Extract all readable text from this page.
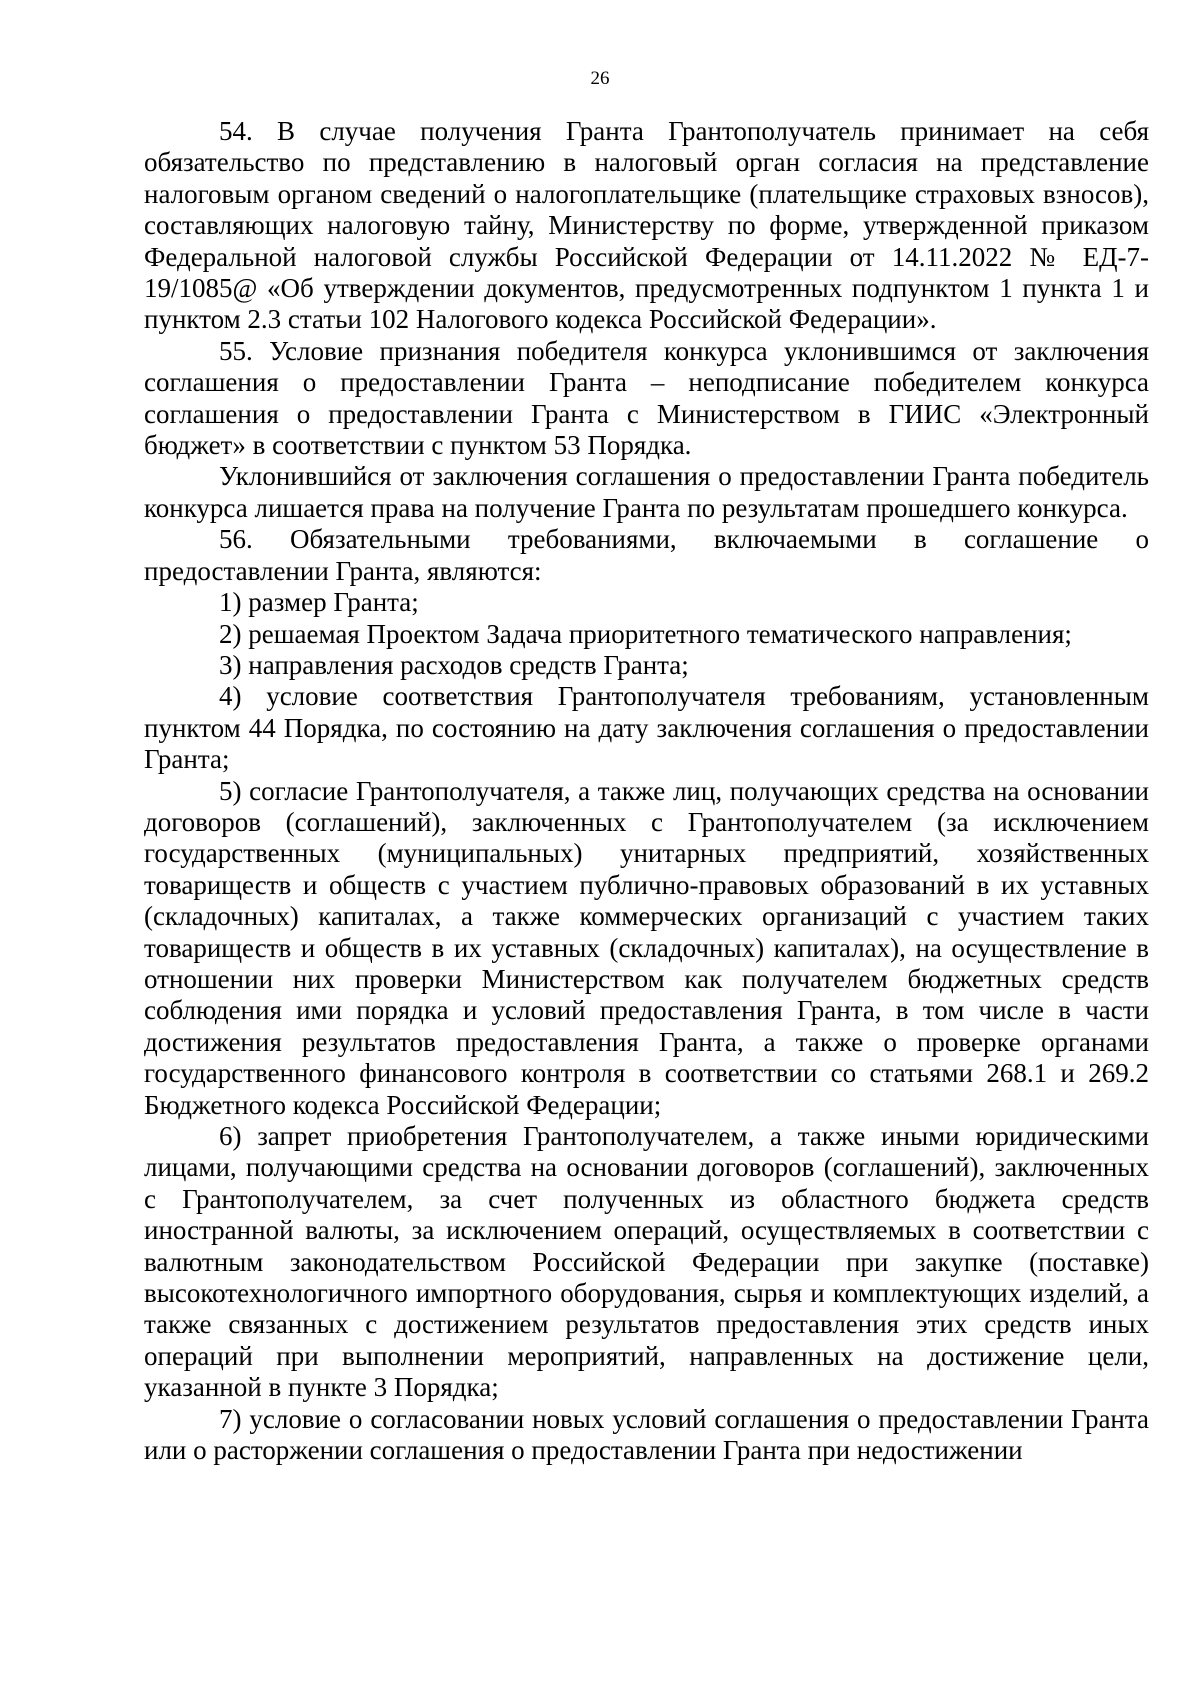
26

54. В случае получения Гранта Грантополучатель принимает на себя обязательство по представлению в налоговый орган согласия на представление налоговым органом сведений о налогоплательщике (плательщике страховых взносов), составляющих налоговую тайну, Министерству по форме, утвержденной приказом Федеральной налоговой службы Российской Федерации от 14.11.2022 № ЕД-7-19/1085@ «Об утверждении документов, предусмотренных подпунктом 1 пункта 1 и пунктом 2.3 статьи 102 Налогового кодекса Российской Федерации».

55. Условие признания победителя конкурса уклонившимся от заключения соглашения о предоставлении Гранта – неподписание победителем конкурса соглашения о предоставлении Гранта с Министерством в ГИИС «Электронный бюджет» в соответствии с пунктом 53 Порядка.

Уклонившийся от заключения соглашения о предоставлении Гранта победитель конкурса лишается права на получение Гранта по результатам прошедшего конкурса.

56. Обязательными требованиями, включаемыми в соглашение о предоставлении Гранта, являются:

1) размер Гранта;

2) решаемая Проектом Задача приоритетного тематического направления;

3) направления расходов средств Гранта;

4) условие соответствия Грантополучателя требованиям, установленным пунктом 44 Порядка, по состоянию на дату заключения соглашения о предоставлении Гранта;

5) согласие Грантополучателя, а также лиц, получающих средства на основании договоров (соглашений), заключенных с Грантополучателем (за исключением государственных (муниципальных) унитарных предприятий, хозяйственных товариществ и обществ с участием публично-правовых образований в их уставных (складочных) капиталах, а также коммерческих организаций с участием таких товариществ и обществ в их уставных (складочных) капиталах), на осуществление в отношении них проверки Министерством как получателем бюджетных средств соблюдения ими порядка и условий предоставления Гранта, в том числе в части достижения результатов предоставления Гранта, а также о проверке органами государственного финансового контроля в соответствии со статьями 268.1 и 269.2 Бюджетного кодекса Российской Федерации;

6) запрет приобретения Грантополучателем, а также иными юридическими лицами, получающими средства на основании договоров (соглашений), заключенных с Грантополучателем, за счет полученных из областного бюджета средств иностранной валюты, за исключением операций, осуществляемых в соответствии с валютным законодательством Российской Федерации при закупке (поставке) высокотехнологичного импортного оборудования, сырья и комплектующих изделий, а также связанных с достижением результатов предоставления этих средств иных операций при выполнении мероприятий, направленных на достижение цели, указанной в пункте 3 Порядка;

7) условие о согласовании новых условий соглашения о предоставлении Гранта или о расторжении соглашения о предоставлении Гранта при недостижении
